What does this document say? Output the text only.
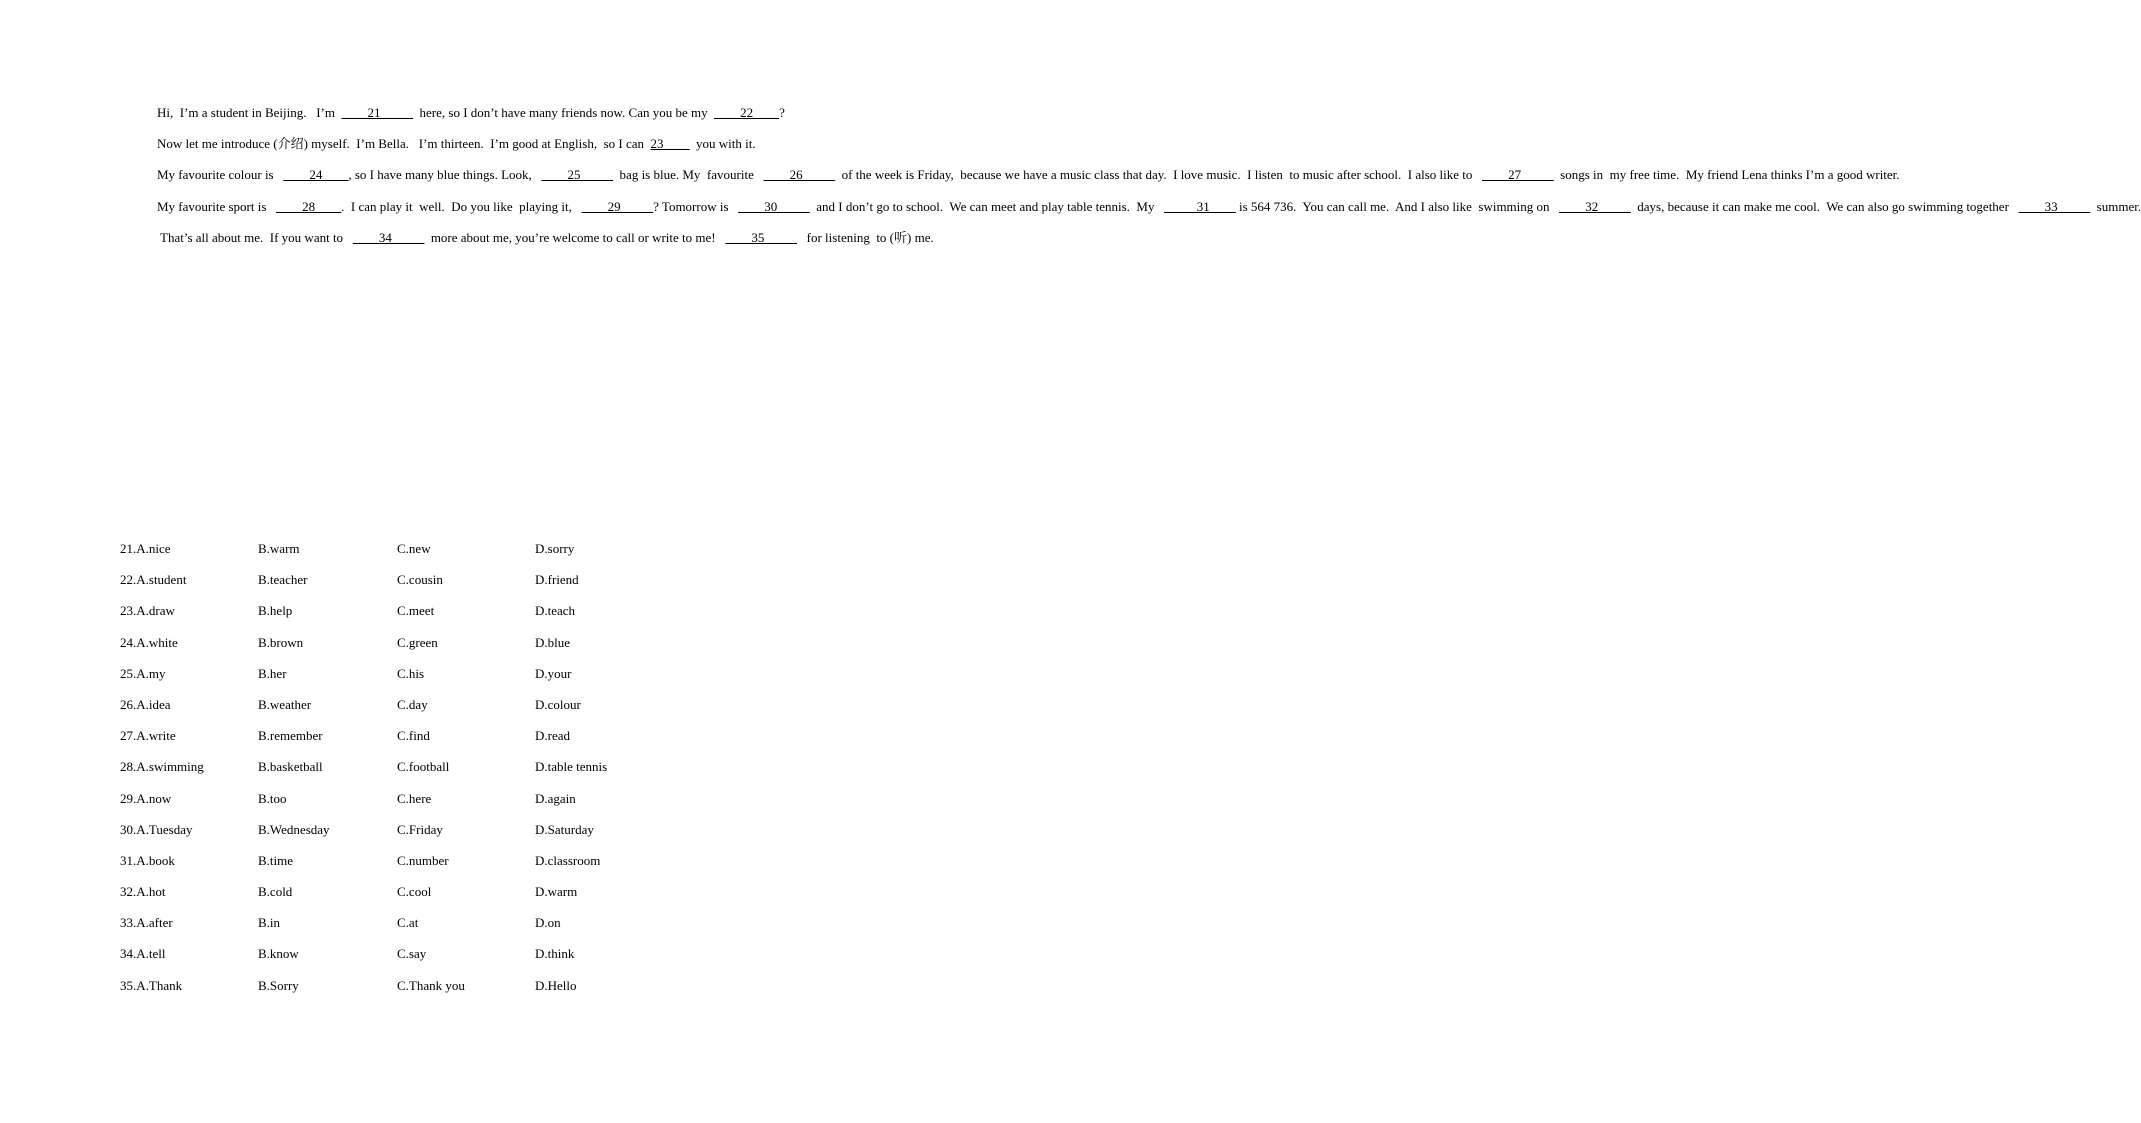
Hi,  I’m a student in Beijing.   I’m  ____21_____  here, so I don’t have many friends now. Can you be my  ____22____?

Now let me introduce (介绍) myself.  I’m Bella.   I’m thirteen.  I’m good at English,  so I can  23____  you with it.

My favourite colour is   ____24____, so I have many blue things. Look,   ____25_____  bag is blue. My  favourite   ____26_____  of the week is Friday,  because we have a music class that day.  I love music.  I listen  to music after school.  I also like to   ____27_____  songs in  my free time.  My friend Lena thinks I’m a good writer.

My favourite sport is   ____28____.  I can play it  well.  Do you like  playing it,   ____29_____? Tomorrow is   ____30_____  and I don’t go to school.  We can meet and play table tennis.  My   _____31____ is 564 736.  You can call me.  And I also like  swimming on   ____32_____  days, because it can make me cool.  We can also go swimming together   ____33_____  summer.

That’s all about me.  If you want to   ____34_____  more about me, you’re welcome to call or write to me!   ____35_____   for listening  to (听) me.

21.A.nice	B.warm	C.new	D.sorry
22.A.student	B.teacher	C.cousin	D.friend
23.A.draw	B.help	C.meet	D.teach
24.A.white	B.brown	C.green	D.blue
25.A.my	B.her	C.his	D.your
26.A.idea	B.weather	C.day	D.colour
27.A.write	B.remember	C.find	D.read
28.A.swimming	B.basketball	C.football	D.table tennis
29.A.now	B.too	C.here	D.again
30.A.Tuesday	B.Wednesday	C.Friday	D.Saturday
31.A.book	B.time	C.number	D.classroom
32.A.hot	B.cold	C.cool	D.warm
33.A.after	B.in	C.at	D.on
34.A.tell	B.know	C.say	D.think
35.A.Thank	B.Sorry	C.Thank you	D.Hello
